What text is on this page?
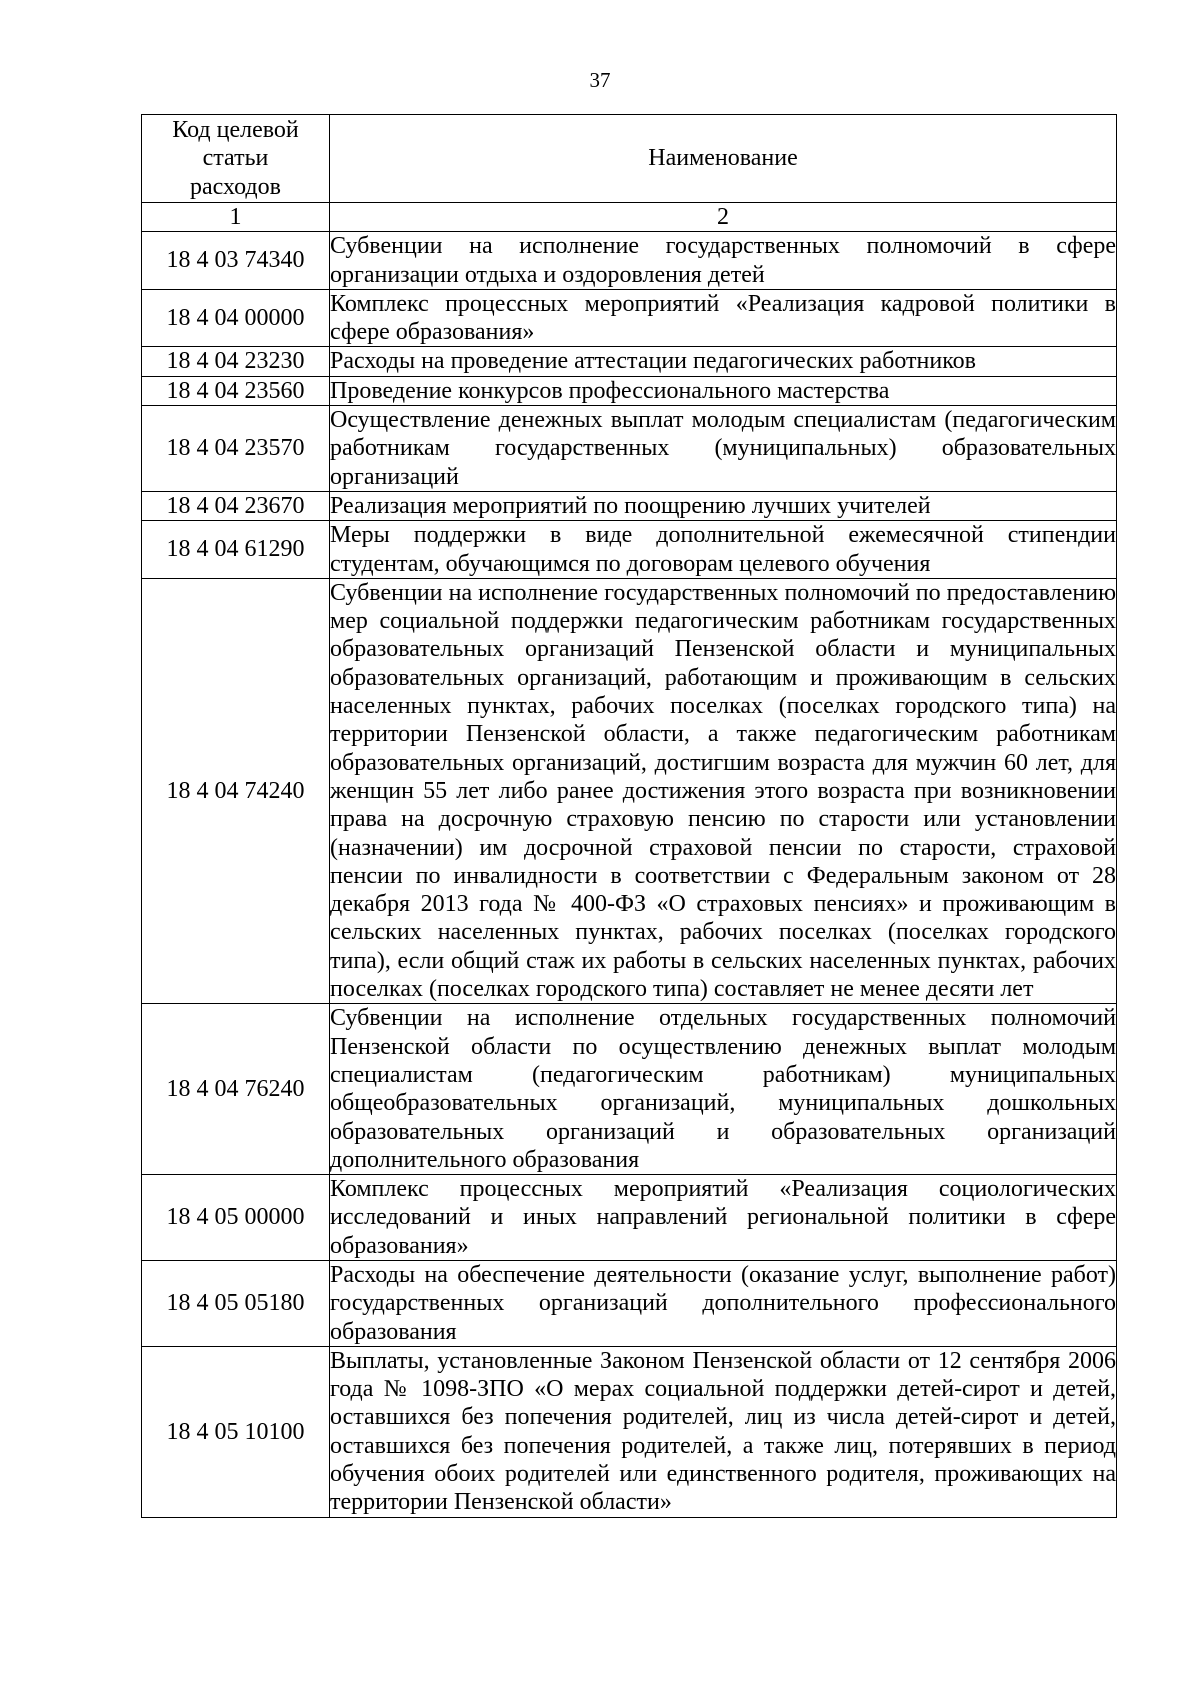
37
Код целевой
статьи
расходов	Наименование
1	2
18 4 03 74340	Субвенции на исполнение государственных полномочий в сфере организации отдыха и оздоровления детей
18 4 04 00000	Комплекс процессных мероприятий «Реализация кадровой политики в сфере образования»
18 4 04 23230	Расходы на проведение аттестации педагогических работников
18 4 04 23560	Проведение конкурсов профессионального мастерства
18 4 04 23570	Осуществление денежных выплат молодым специалистам (педагогическим работникам государственных (муниципальных) образовательных организаций
18 4 04 23670	Реализация мероприятий по поощрению лучших учителей
18 4 04 61290	Меры поддержки в виде дополнительной ежемесячной стипендии студентам, обучающимся по договорам целевого обучения
18 4 04 74240	Субвенции на исполнение государственных полномочий по предоставлению мер социальной поддержки педагогическим работникам государственных образовательных организаций Пензенской области и муниципальных образовательных организаций, работающим и проживающим в сельских населенных пунктах, рабочих поселках (поселках городского типа) на территории Пензенской области, а также педагогическим работникам образовательных организаций, достигшим возраста для мужчин 60 лет, для женщин 55 лет либо ранее достижения этого возраста при возникновении права на досрочную страховую пенсию по старости или установлении (назначении) им досрочной страховой пенсии по старости, страховой пенсии по инвалидности в соответствии с Федеральным законом от 28 декабря 2013 года № 400-ФЗ «О страховых пенсиях» и проживающим в сельских населенных пунктах, рабочих поселках (поселках городского типа), если общий стаж их работы в сельских населенных пунктах, рабочих поселках (поселках городского типа) составляет не менее десяти лет
18 4 04 76240	Субвенции на исполнение отдельных государственных полномочий Пензенской области по осуществлению денежных выплат молодым специалистам (педагогическим работникам) муниципальных общеобразовательных организаций, муниципальных дошкольных образовательных организаций и образовательных организаций дополнительного образования
18 4 05 00000	Комплекс процессных мероприятий «Реализация социологических исследований и иных направлений региональной политики в сфере образования»
18 4 05 05180	Расходы на обеспечение деятельности (оказание услуг, выполнение работ) государственных организаций дополнительного профессионального образования
18 4 05 10100	Выплаты, установленные Законом Пензенской области от 12 сентября 2006 года № 1098-ЗПО «О мерах социальной поддержки детей-сирот и детей, оставшихся без попечения родителей, лиц из числа детей-сирот и детей, оставшихся без попечения родителей, а также лиц, потерявших в период обучения обоих родителей или единственного родителя, проживающих на территории Пензенской области»
